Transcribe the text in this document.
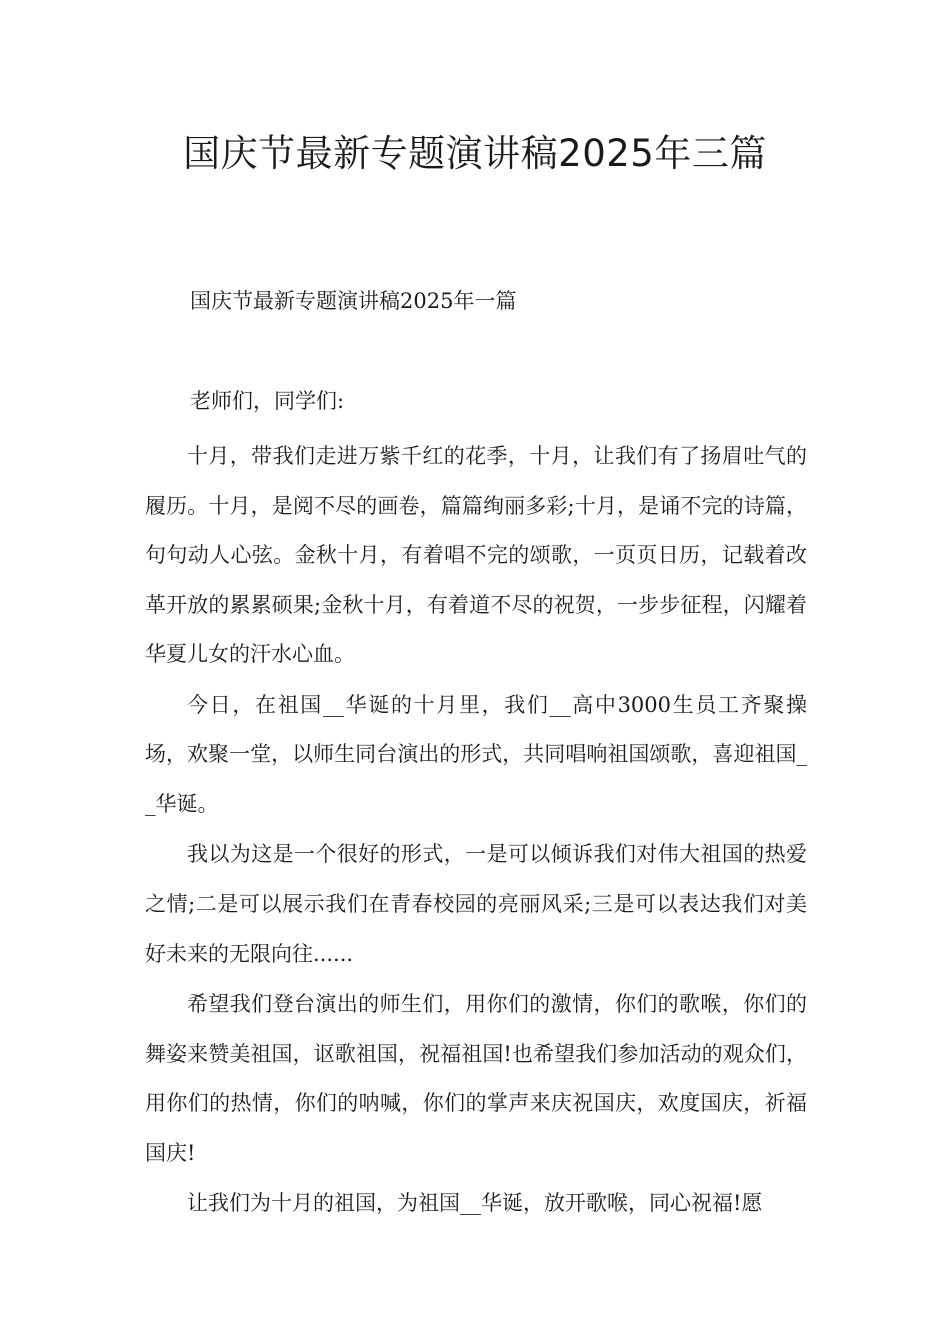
国庆节最新专题演讲稿2025年三篇
国庆节最新专题演讲稿2025年一篇

老师们，同学们:

十月，带我们走进万紫千红的花季，十月，让我们有了扬眉吐气的履历。十月，是阅不尽的画卷，篇篇绚丽多彩;十月，是诵不完的诗篇，句句动人心弦。金秋十月，有着唱不完的颂歌，一页页日历，记载着改革开放的累累硕果;金秋十月，有着道不尽的祝贺，一步步征程，闪耀着华夏儿女的汗水心血。

今日，在祖国__华诞的十月里，我们__高中3000生员工齐聚操场，欢聚一堂，以师生同台演出的形式，共同唱响祖国颂歌，喜迎祖国__华诞。

我以为这是一个很好的形式，一是可以倾诉我们对伟大祖国的热爱之情;二是可以展示我们在青春校园的亮丽风采;三是可以表达我们对美好未来的无限向往......

希望我们登台演出的师生们，用你们的激情，你们的歌喉，你们的舞姿来赞美祖国，讴歌祖国，祝福祖国!也希望我们参加活动的观众们，用你们的热情，你们的呐喊，你们的掌声来庆祝国庆，欢度国庆，祈福国庆!

让我们为十月的祖国，为祖国__华诞，放开歌喉，同心祝福!愿
